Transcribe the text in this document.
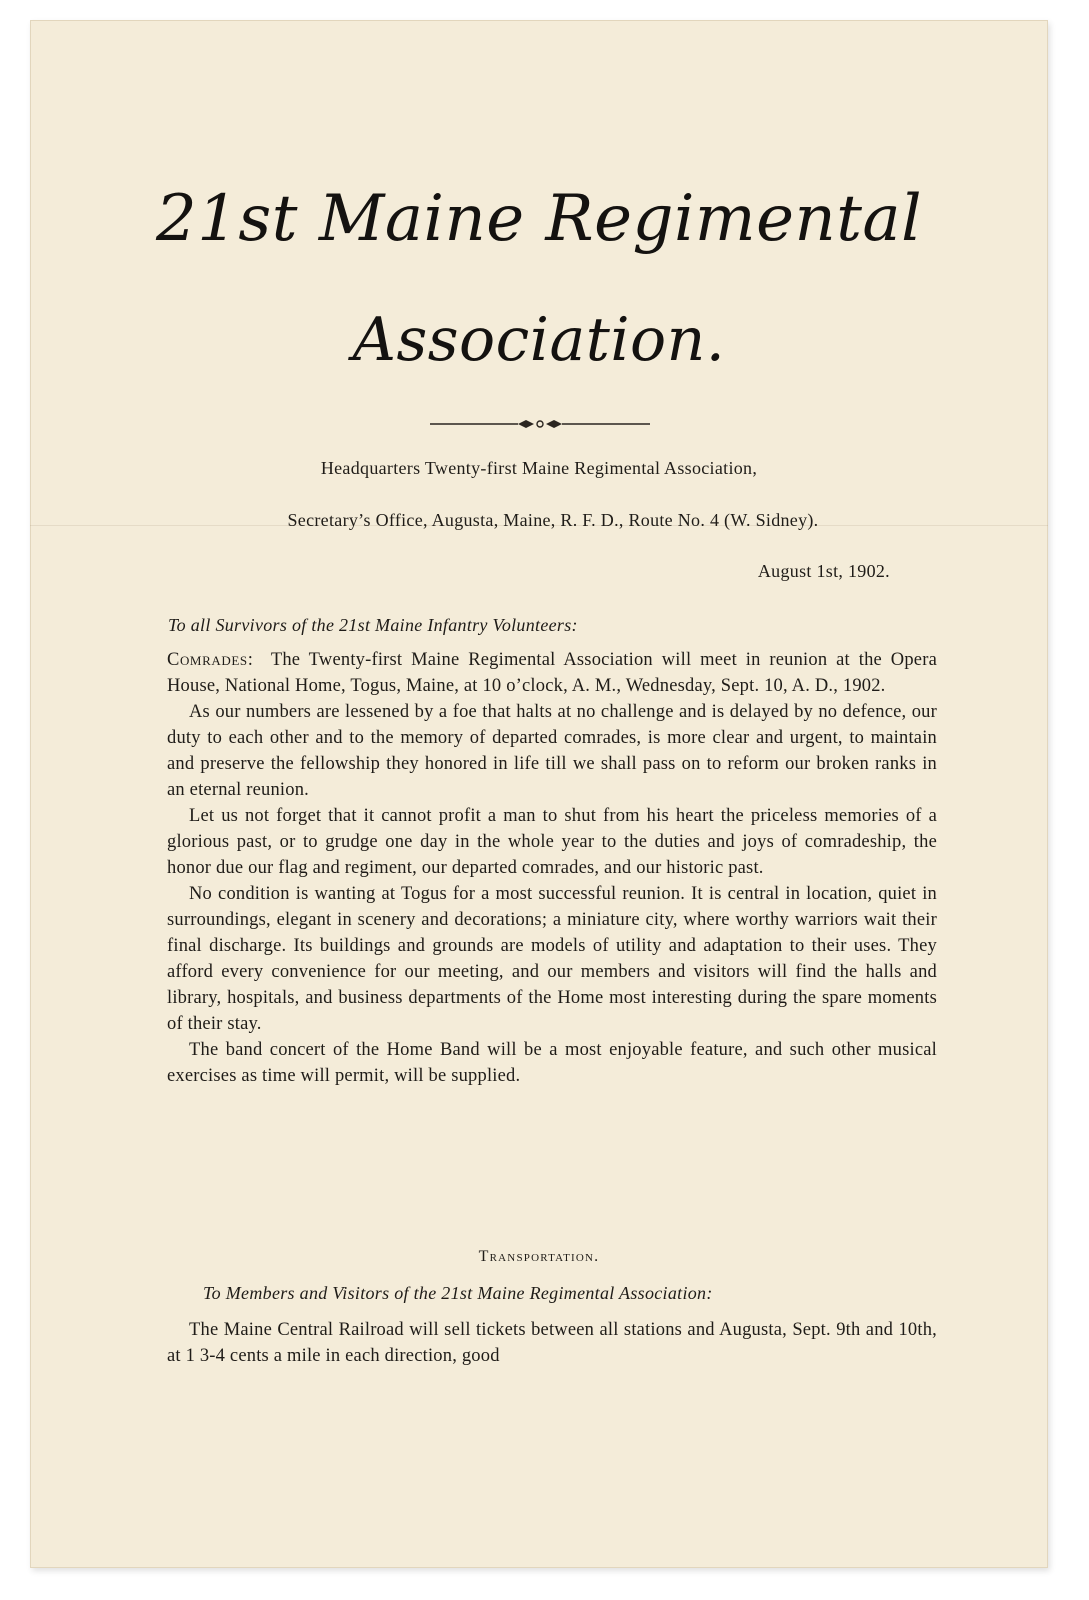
21st Maine Regimental
Association.
Headquarters Twenty-first Maine Regimental Association,
Secretary’s Office, Augusta, Maine, R. F. D., Route No. 4 (W. Sidney).
August 1st, 1902.
To all Survivors of the 21st Maine Infantry Volunteers:

Comrades: The Twenty-first Maine Regimental Association will meet in reunion at the Opera House, National Home, Togus, Maine, at 10 o’clock, A. M., Wednesday, Sept. 10, A. D., 1902.

As our numbers are lessened by a foe that halts at no challenge and is delayed by no defence, our duty to each other and to the memory of departed comrades, is more clear and urgent, to maintain and preserve the fellowship they honored in life till we shall pass on to reform our broken ranks in an eternal reunion.

Let us not forget that it cannot profit a man to shut from his heart the priceless memories of a glorious past, or to grudge one day in the whole year to the duties and joys of comradeship, the honor due our flag and regiment, our departed comrades, and our historic past.

No condition is wanting at Togus for a most successful reunion. It is central in location, quiet in surroundings, elegant in scenery and decorations; a miniature city, where worthy warriors wait their final discharge. Its buildings and grounds are models of utility and adaptation to their uses. They afford every convenience for our meeting, and our members and visitors will find the halls and library, hospitals, and business departments of the Home most interesting during the spare moments of their stay.

The band concert of the Home Band will be a most enjoyable feature, and such other musical exercises as time will permit, will be supplied.

Transportation.
To Members and Visitors of the 21st Maine Regimental Association:

The Maine Central Railroad will sell tickets between all stations and Augusta, Sept. 9th and 10th, at 1 3-4 cents a mile in each direction, good
